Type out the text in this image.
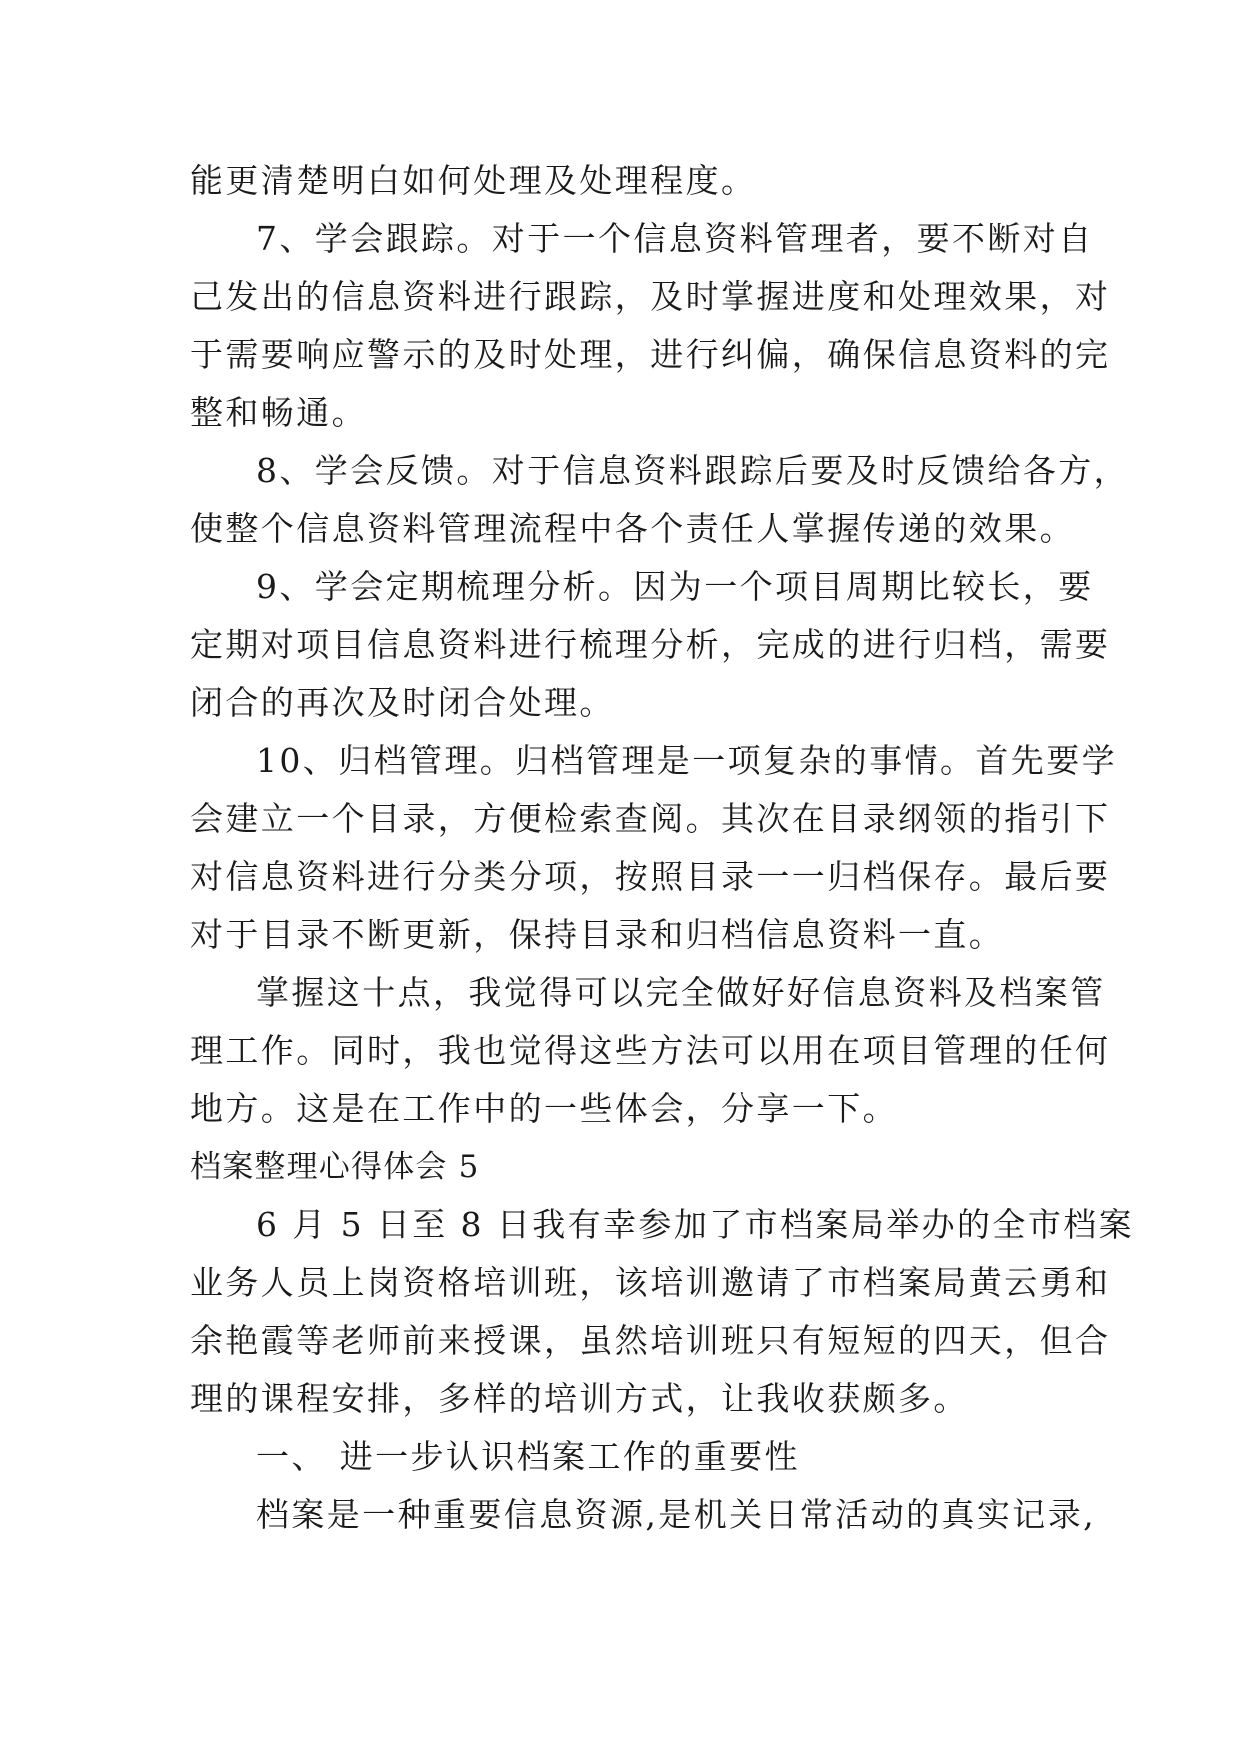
能更清楚明白如何处理及处理程度。
7、学会跟踪。对于一个信息资料管理者，要不断对自
己发出的信息资料进行跟踪，及时掌握进度和处理效果，对
于需要响应警示的及时处理，进行纠偏，确保信息资料的完
整和畅通。
8、学会反馈。对于信息资料跟踪后要及时反馈给各方，
使整个信息资料管理流程中各个责任人掌握传递的效果。
9、学会定期梳理分析。因为一个项目周期比较长，要
定期对项目信息资料进行梳理分析，完成的进行归档，需要
闭合的再次及时闭合处理。
10、归档管理。归档管理是一项复杂的事情。首先要学
会建立一个目录，方便检索查阅。其次在目录纲领的指引下
对信息资料进行分类分项，按照目录一一归档保存。最后要
对于目录不断更新，保持目录和归档信息资料一直。
掌握这十点，我觉得可以完全做好好信息资料及档案管
理工作。同时，我也觉得这些方法可以用在项目管理的任何
地方。这是在工作中的一些体会，分享一下。
档案整理心得体会 5
6 月 5 日至 8 日我有幸参加了市档案局举办的全市档案
业务人员上岗资格培训班，该培训邀请了市档案局黄云勇和
余艳霞等老师前来授课，虽然培训班只有短短的四天，但合
理的课程安排，多样的培训方式，让我收获颇多。
一、 进一步认识档案工作的重要性
档案是一种重要信息资源,是机关日常活动的真实记录,
